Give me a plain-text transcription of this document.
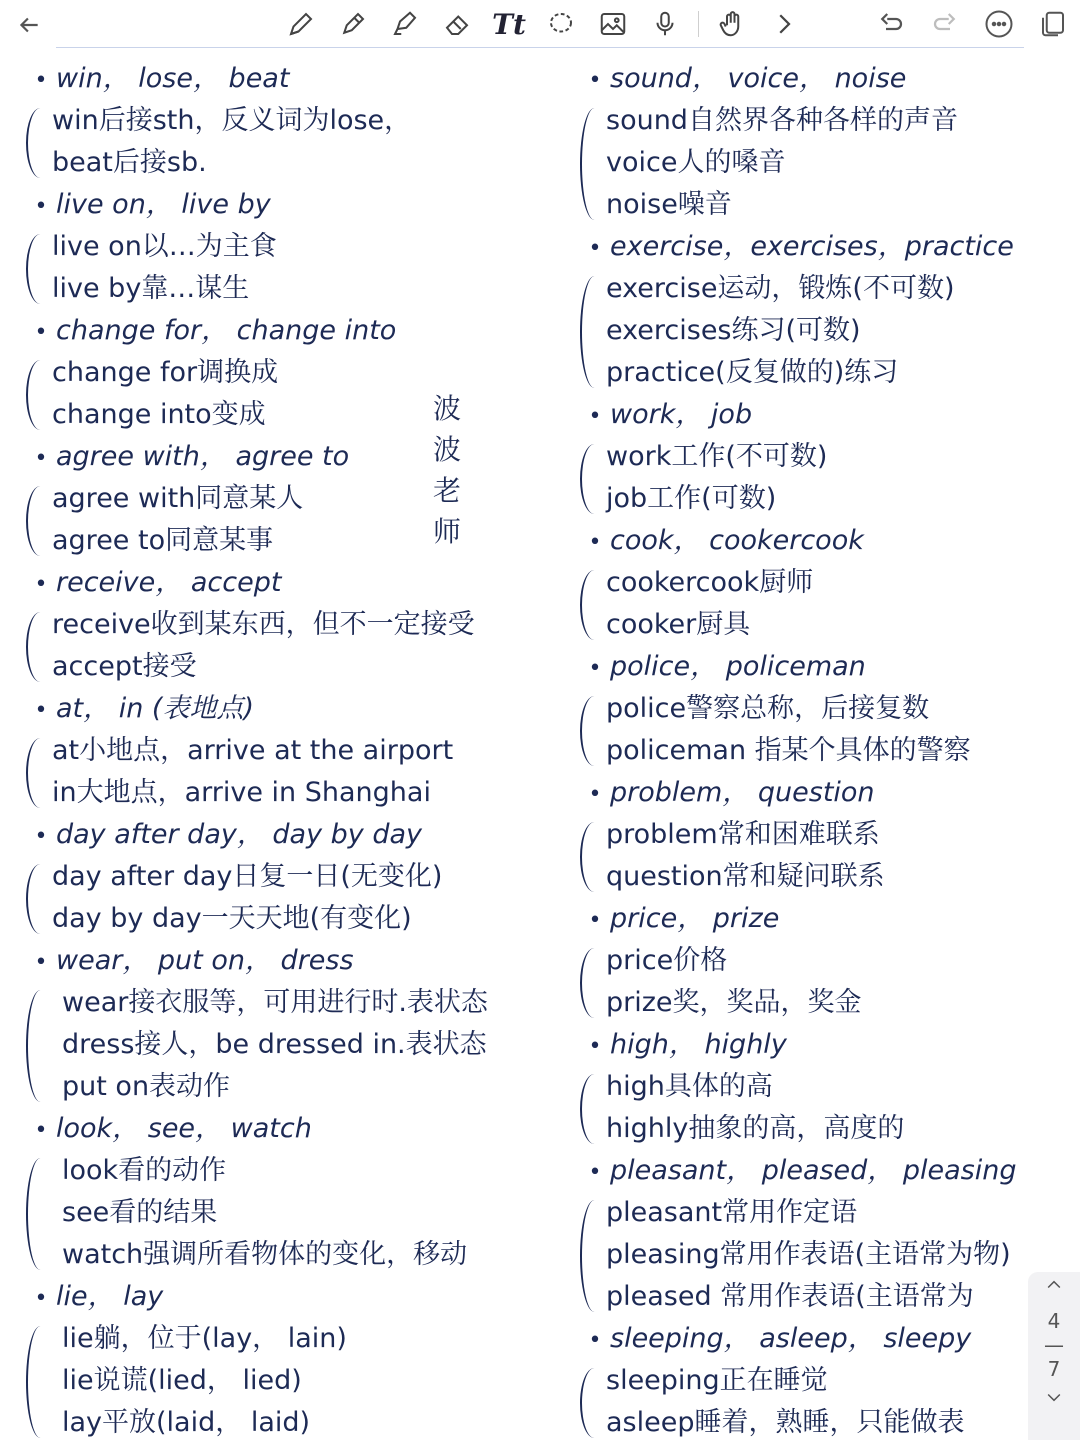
Tt
• win， lose， beat
win后接sth，反义词为lose，
beat后接sb.
• live on， live by
live on以…为主食
live by靠…谋生
• change for， change into
change for调换成
change into变成
• agree with， agree to
agree with同意某人
agree to同意某事
• receive， accept
receive收到某东西，但不一定接受
accept接受
• at， in (表地点)
at小地点，arrive at the airport
in大地点，arrive in Shanghai
• day after day， day by day
day after day日复一日(无变化)
day by day一天天地(有变化)
• wear， put on， dress
wear接衣服等，可用进行时.表状态
dress接人，be dressed in.表状态
put on表动作
• look， see， watch
look看的动作
see看的结果
watch强调所看物体的变化，移动
• lie， lay
lie躺，位于(lay， lain)
lie说谎(lied， lied)
lay平放(laid， laid)
• sound， voice， noise
sound自然界各种各样的声音
voice人的嗓音
noise噪音
• exercise，exercises，practice
exercise运动，锻炼(不可数)
exercises练习(可数)
practice(反复做的)练习
• work， job
work工作(不可数)
job工作(可数)
• cook， cookercook
cookercook厨师
cooker厨具
• police， policeman
police警察总称，后接复数
policeman 指某个具体的警察
• problem， question
problem常和困难联系
question常和疑问联系
• price， prize
price价格
prize奖，奖品，奖金
• high， highly
high具体的高
highly抽象的高，高度的
• pleasant， pleased， pleasing
pleasant常用作定语
pleasing常用作表语(主语常为物)
pleased 常用作表语(主语常为
• sleeping， asleep， sleepy
sleeping正在睡觉
asleep睡着，熟睡，只能做表
波
波
老
师
4
—
7
